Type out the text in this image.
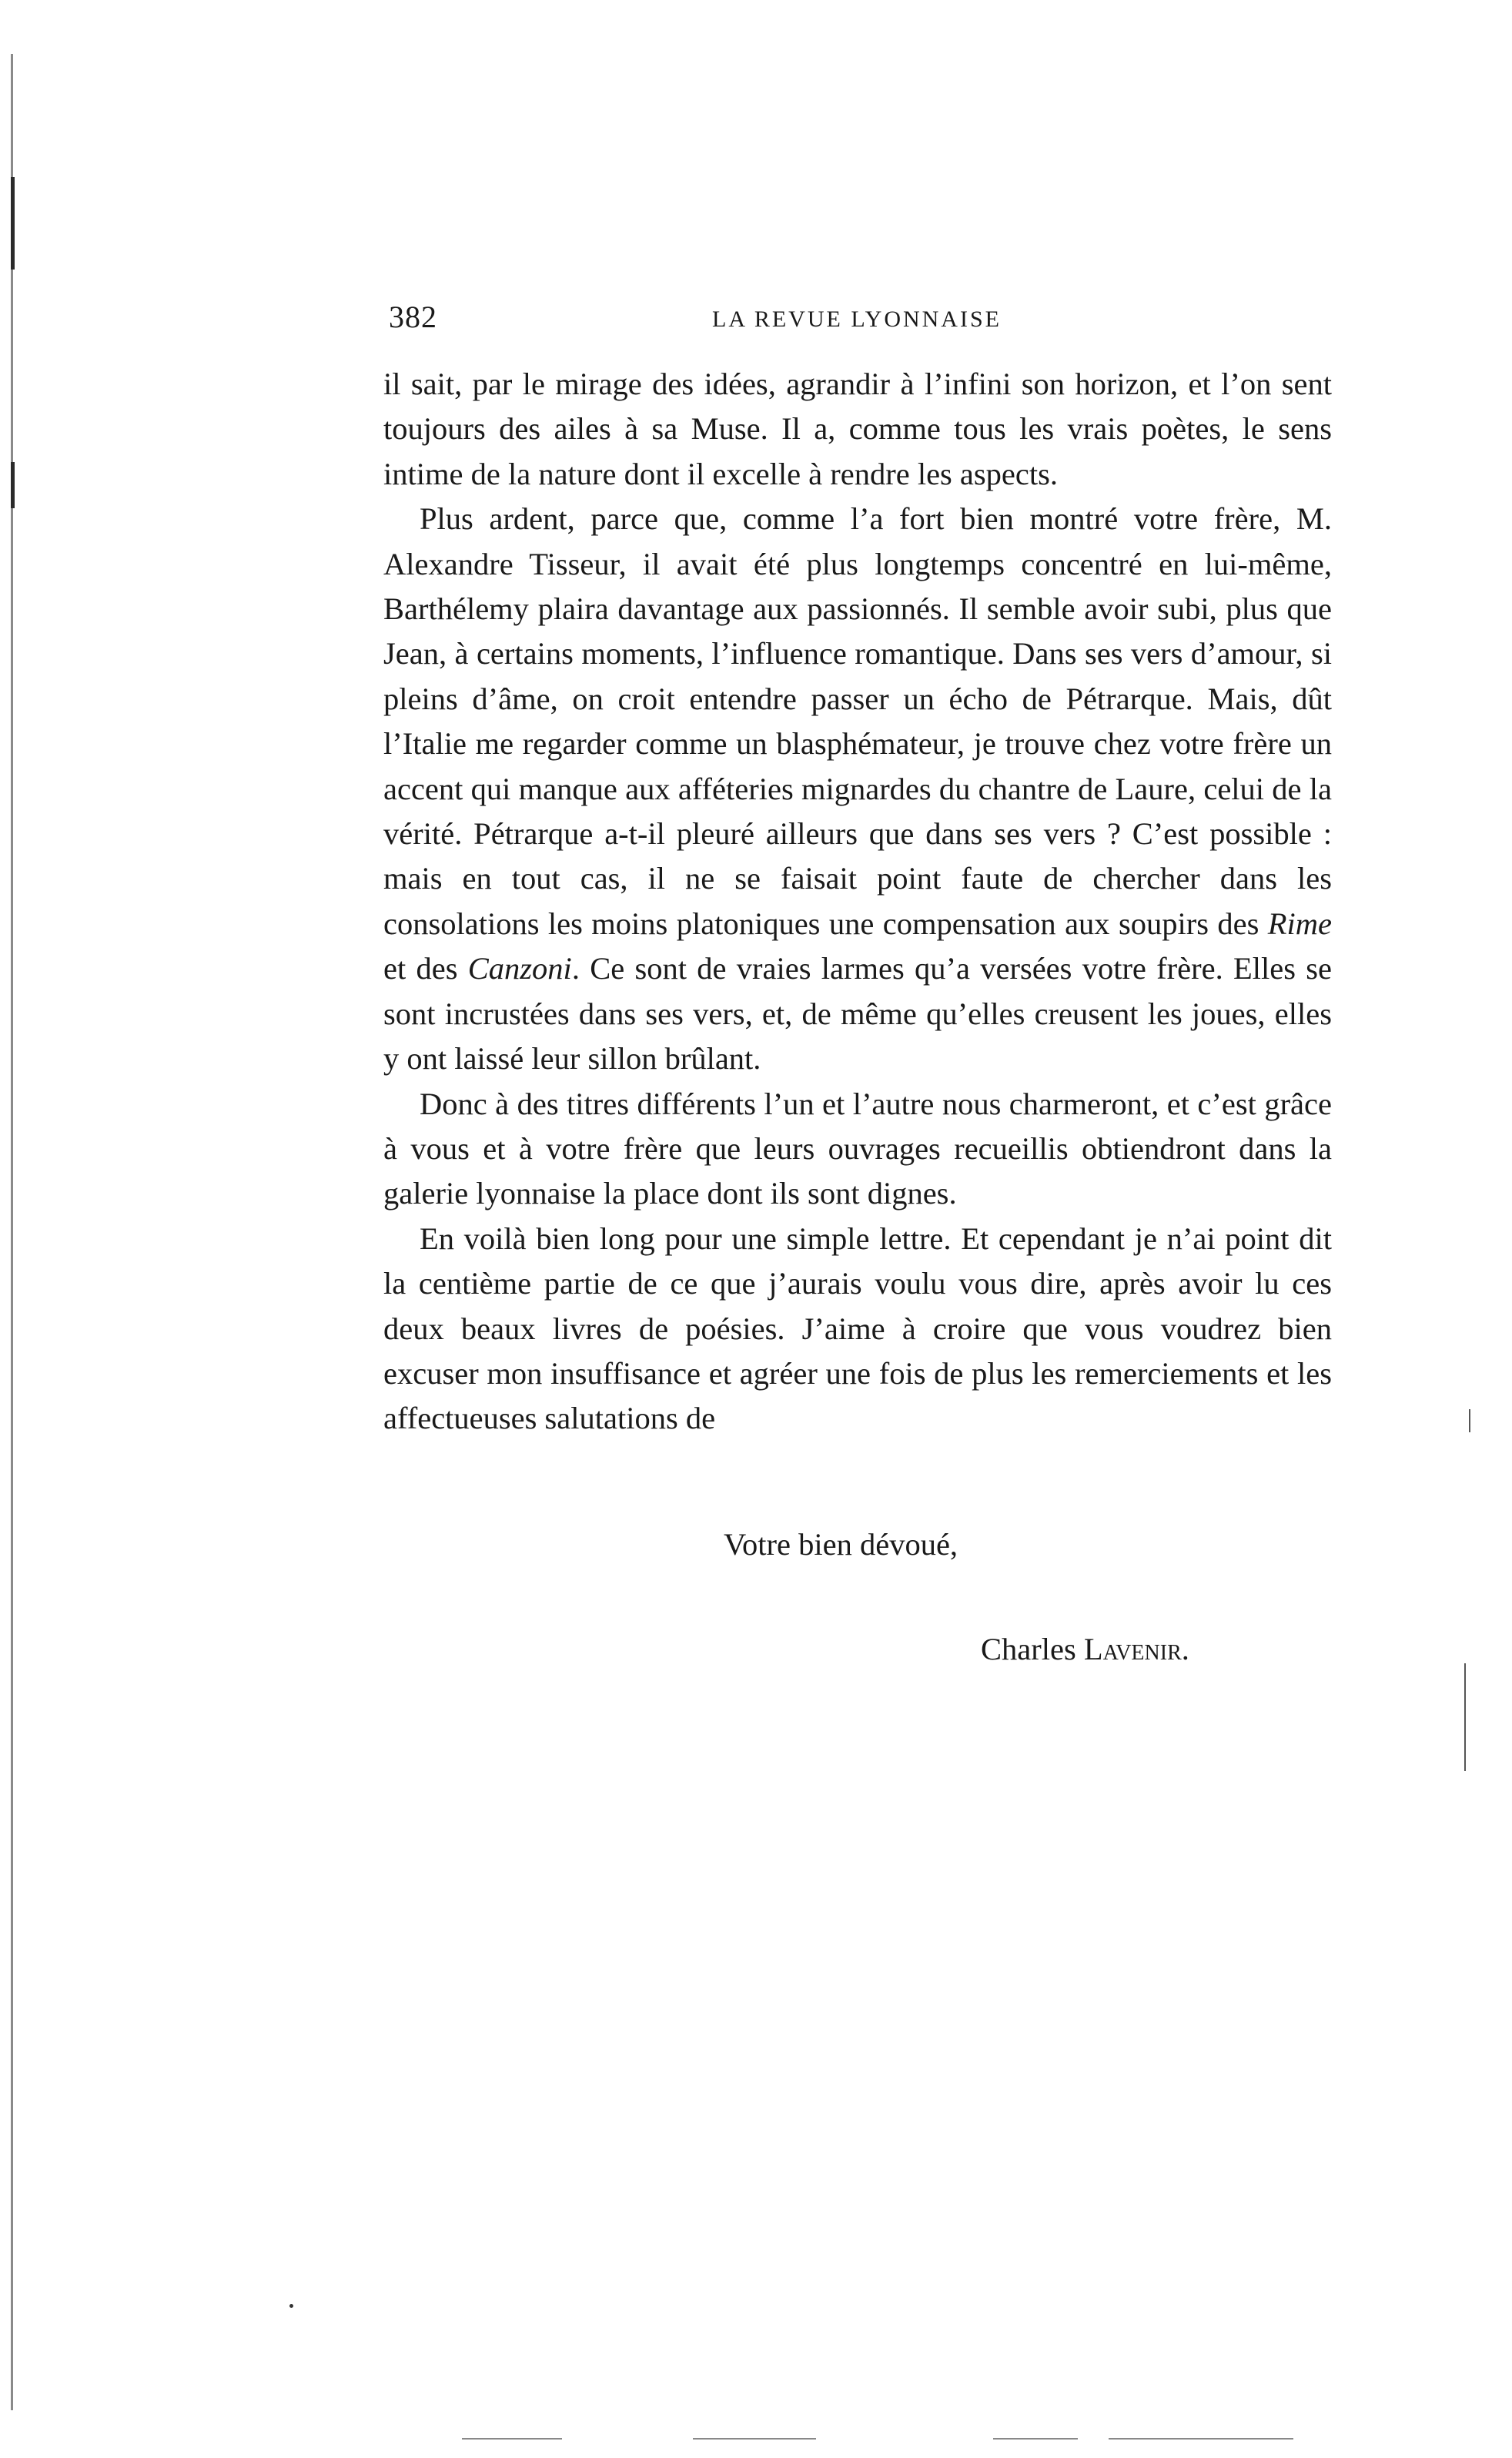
382	LA REVUE LYONNAISE

il sait, par le mirage des idées, agrandir à l’infini son horizon, et l’on sent toujours des ailes à sa Muse. Il a, comme tous les vrais poètes, le sens intime de la nature dont il excelle à rendre les aspects.

Plus ardent, parce que, comme l’a fort bien montré votre frère, M. Alexandre Tisseur, il avait été plus longtemps concentré en lui-même, Barthélemy plaira davantage aux passionnés. Il semble avoir subi, plus que Jean, à certains moments, l’influence romantique. Dans ses vers d’amour, si pleins d’âme, on croit entendre passer un écho de Pétrarque. Mais, dût l’Italie me regarder comme un blasphémateur, je trouve chez votre frère un accent qui manque aux afféteries mignardes du chantre de Laure, celui de la vérité. Pétrarque a-t-il pleuré ailleurs que dans ses vers ? C’est possible : mais en tout cas, il ne se faisait point faute de chercher dans les consolations les moins platoniques une compensation aux soupirs des Rime et des Canzoni. Ce sont de vraies larmes qu’a versées votre frère. Elles se sont incrustées dans ses vers, et, de même qu’elles creusent les joues, elles y ont laissé leur sillon brûlant.

Donc à des titres différents l’un et l’autre nous charmeront, et c’est grâce à vous et à votre frère que leurs ouvrages recueillis obtiendront dans la galerie lyonnaise la place dont ils sont dignes.

En voilà bien long pour une simple lettre. Et cependant je n’ai point dit la centième partie de ce que j’aurais voulu vous dire, après avoir lu ces deux beaux livres de poésies. J’aime à croire que vous voudrez bien excuser mon insuffisance et agréer une fois de plus les remerciements et les affectueuses salutations de

Votre bien dévoué,
Charles Lavenir.
